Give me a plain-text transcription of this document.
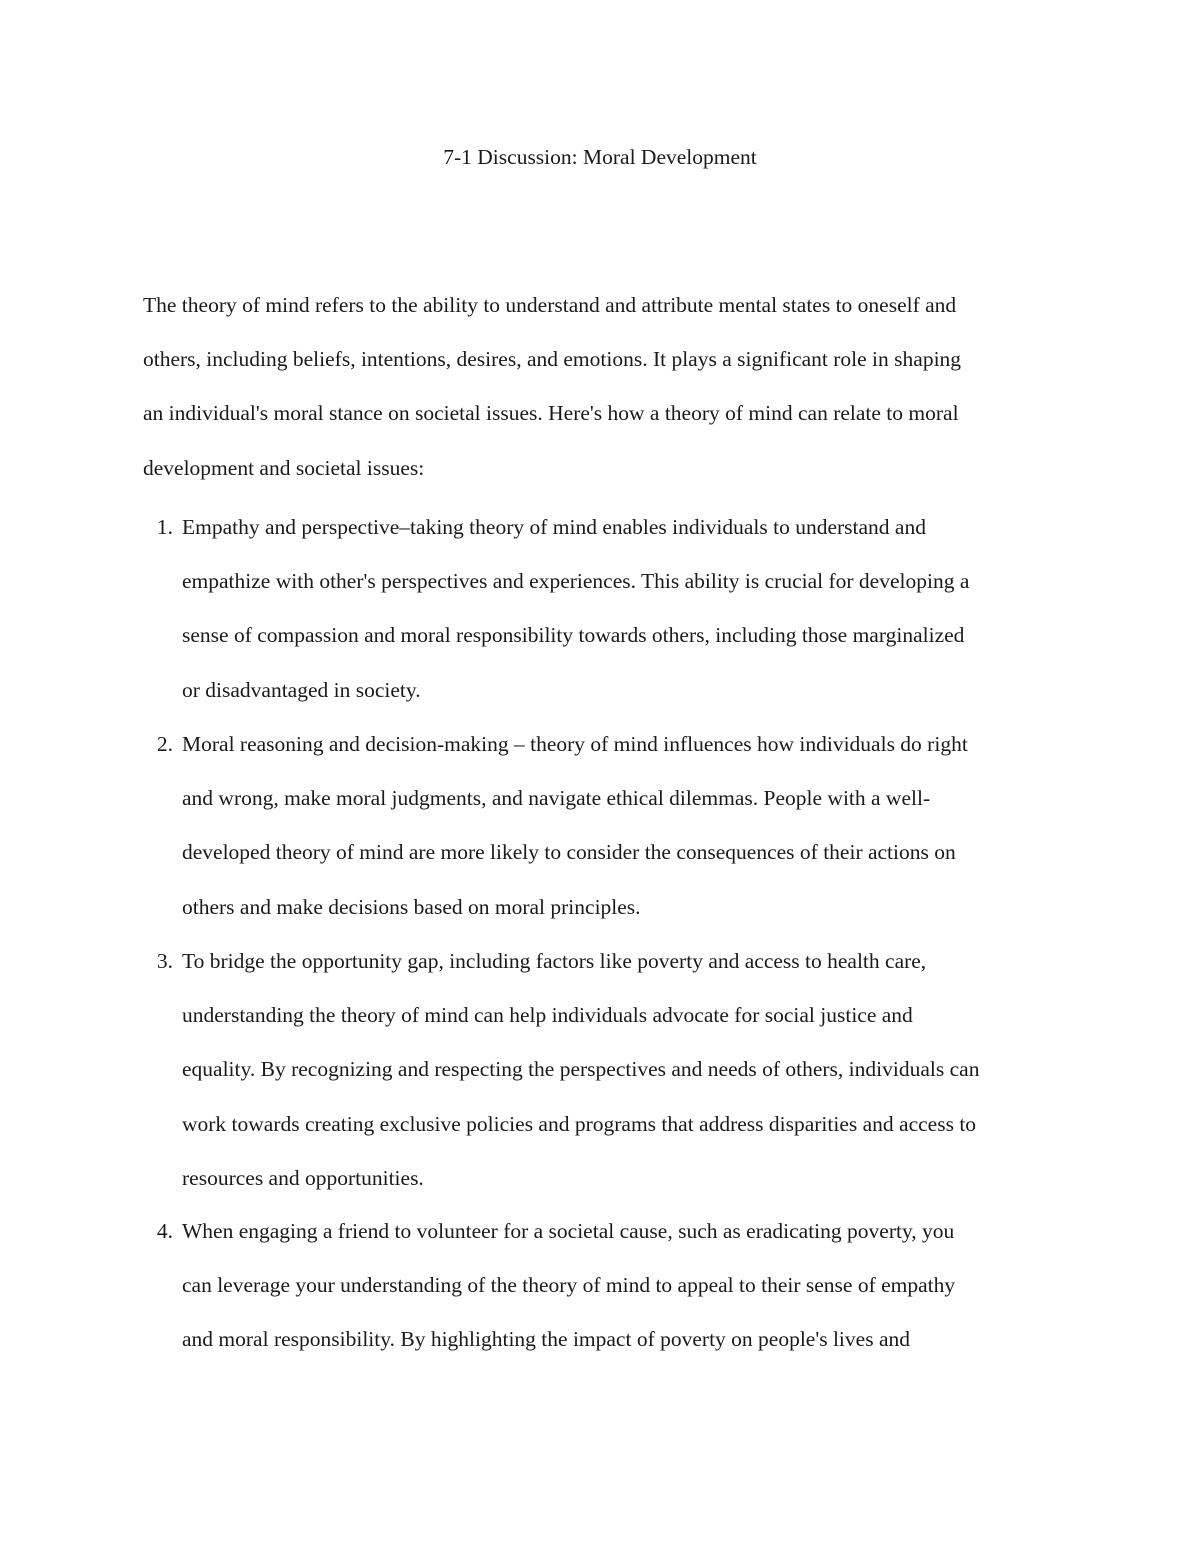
7-1 Discussion: Moral Development

The theory of mind refers to the ability to understand and attribute mental states to oneself and
others, including beliefs, intentions, desires, and emotions. It plays a significant role in shaping
an individual's moral stance on societal issues. Here's how a theory of mind can relate to moral
development and societal issues:

1. Empathy and perspective–taking theory of mind enables individuals to understand and
empathize with other's perspectives and experiences. This ability is crucial for developing a
sense of compassion and moral responsibility towards others, including those marginalized
or disadvantaged in society.
2. Moral reasoning and decision-making – theory of mind influences how individuals do right
and wrong, make moral judgments, and navigate ethical dilemmas. People with a well-
developed theory of mind are more likely to consider the consequences of their actions on
others and make decisions based on moral principles.
3. To bridge the opportunity gap, including factors like poverty and access to health care,
understanding the theory of mind can help individuals advocate for social justice and
equality. By recognizing and respecting the perspectives and needs of others, individuals can
work towards creating exclusive policies and programs that address disparities and access to
resources and opportunities.
4. When engaging a friend to volunteer for a societal cause, such as eradicating poverty, you
can leverage your understanding of the theory of mind to appeal to their sense of empathy
and moral responsibility. By highlighting the impact of poverty on people's lives and
